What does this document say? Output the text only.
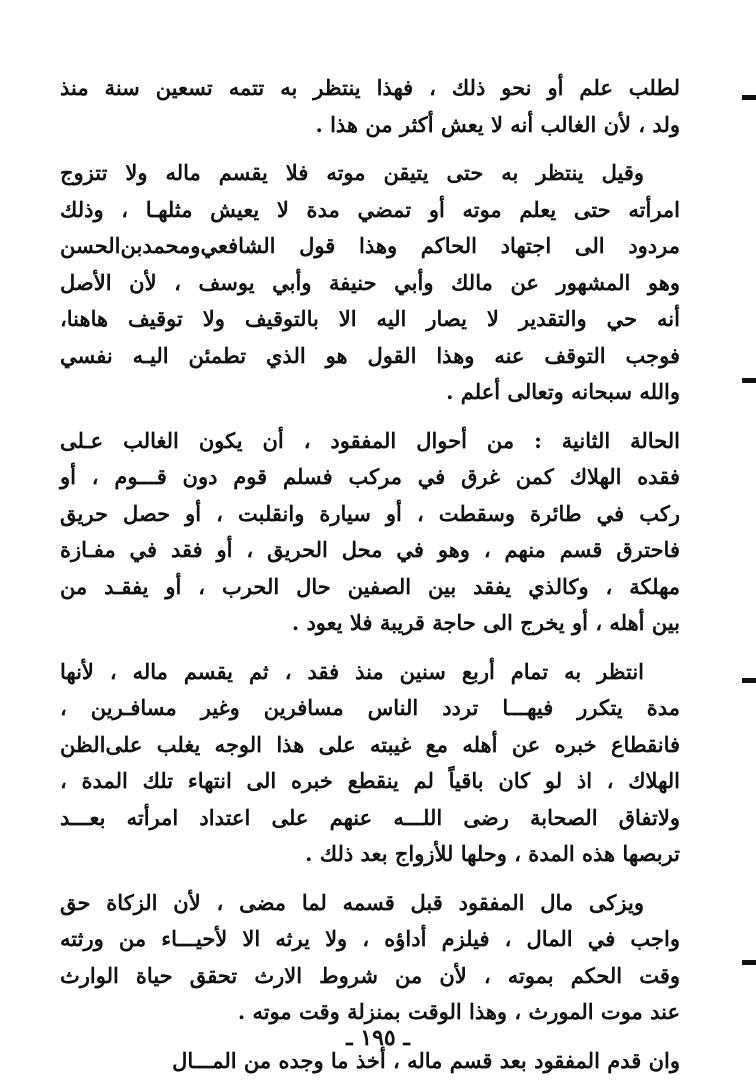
لطلب علم أو نحو ذلك ، فهذا ينتظر به تتمه تسعين سنة منذ
ولد ، لأن الغالب أنه لا يعش أكثر من هذا .
وقيل ينتظر به حتى يتيقن موته فلا يقسم ماله ولا تتزوج
امرأته حتى يعلم موته أو تمضي مدة لا يعيش مثلهـا ، وذلك
مردود الى اجتهاد الحاكم وهذا قول الشافعي‌ومحمدبن‌الحسن
وهو المشهور عن مالك وأبي حنيفة وأبي يوسف ، لأن الأصل
أنه حي والتقدير لا يصار اليه الا بالتوقيف ولا توقيف هاهنا،
فوجب التوقف عنه وهذا القول هو الذي تطمئن اليـه نفسي
والله سبحانه وتعالى أعلم .
الحالة الثانية : من أحوال المفقود ، أن يكون الغالب عـلى
فقده الهلاك كمن غرق في مركب فسلم قوم دون قـــوم ، أو
ركب في طائرة وسقطت ، أو سيارة وانقلبت ، أو حصل حريق
فاحترق قسم منهم ، وهو في محل الحريق ، أو فقد في مفـازة
مهلكة ، وكالذي يفقد بين الصفين حال الحرب ، أو يفقـد من
بين أهله ، أو يخرج الى حاجة قريبة فلا يعود .
انتظر به تمام أربع سنين منذ فقد ، ثم يقسم ماله ، لأنها
مدة يتكرر فيهـــا تردد الناس مسافرين وغير مسافـرين ،
فانقطاع خبره عن أهله مع غيبته على هذا الوجه يغلب على‌الظن
الهلاك ، اذ لو كان باقياً لم ينقطع خبره الى انتهاء تلك المدة ،
ولاتفاق الصحابة رضى اللـــه عنهم على اعتداد امرأته بعـــد
تربصها هذه المدة ، وحلها للأزواج بعد ذلك .
ويزكى مال المفقود قبل قسمه لما مضى ، لأن الزكاة حق
واجب في المال ، فيلزم أداؤه ، ولا يرثه الا لأحيـــاء من ورثته
وقت الحكم بموته ، لأن من شروط الارث تحقق حياة الوارث
عند موت المورث ، وهذا الوقت بمنزلة وقت موته .
وان قدم المفقود بعد قسم ماله ، أخذ ما وجده من المـــال
ـ ١٩٥ ـ
